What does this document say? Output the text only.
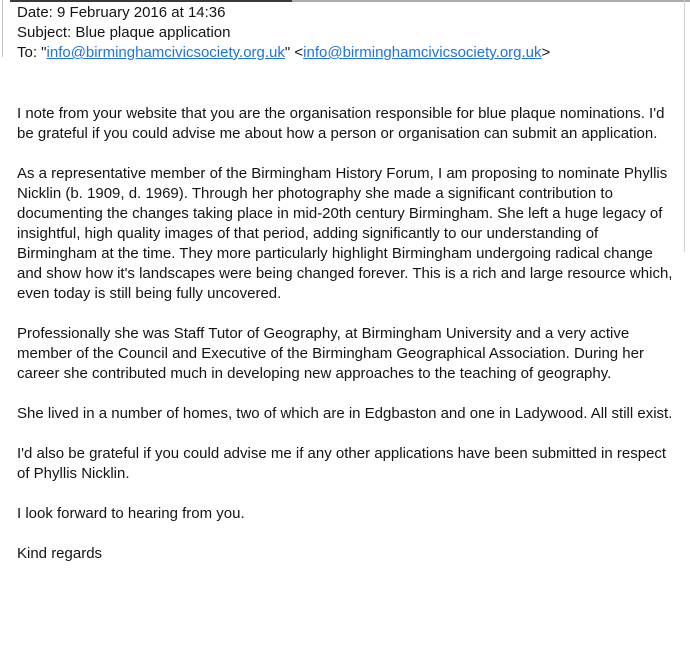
Date: 9 February 2016 at 14:36
Subject: Blue plaque application
To: "info@birminghamcivicsociety.org.uk" <info@birminghamcivicsociety.org.uk>

I note from your website that you are the organisation responsible for blue plaque nominations. I'd be grateful if you could advise me about how a person or organisation can submit an application.

As a representative member of the Birmingham History Forum, I am proposing to nominate Phyllis Nicklin (b. 1909, d. 1969). Through her photography she made a significant contribution to documenting the changes taking place in mid-20th century Birmingham. She left a huge legacy of insightful, high quality images of that period, adding significantly to our understanding of Birmingham at the time. They more particularly highlight Birmingham undergoing radical change and show how it's landscapes were being changed forever. This is a rich and large resource which, even today is still being fully uncovered.

Professionally she was Staff Tutor of Geography, at Birmingham University and a very active member of the Council and Executive of the Birmingham Geographical Association. During her career she contributed much in developing new approaches to the teaching of geography.

She lived in a number of homes, two of which are in Edgbaston and one in Ladywood. All still exist.

I'd also be grateful if you could advise me if any other applications have been submitted in respect of Phyllis Nicklin.

I look forward to hearing from you.

Kind regards
